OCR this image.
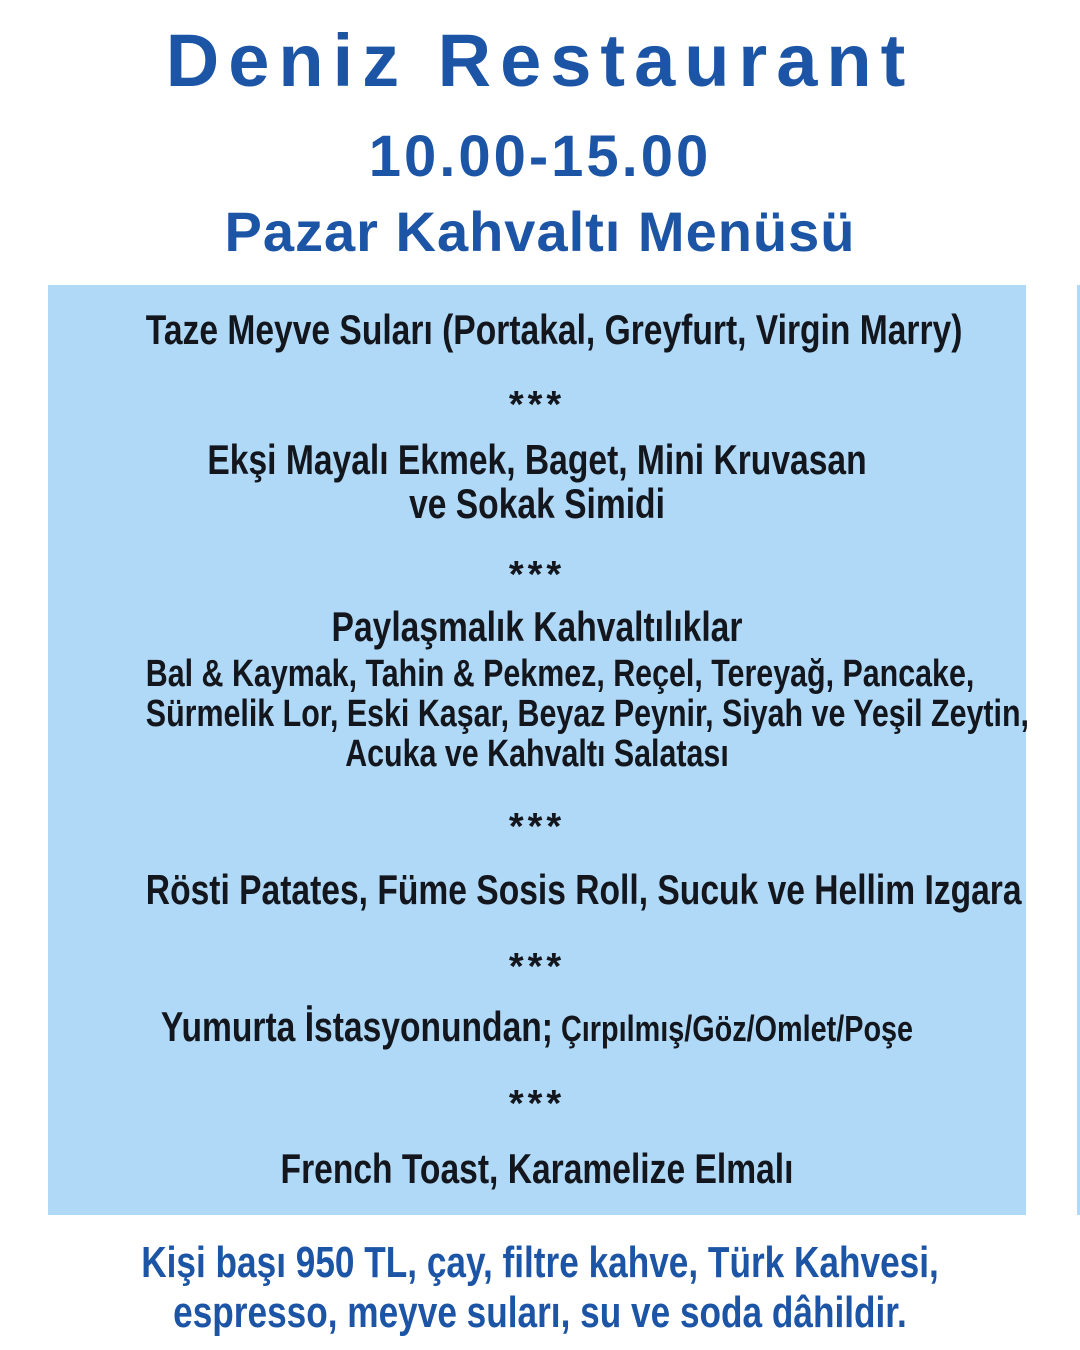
Deniz Restaurant
10.00-15.00
Pazar Kahvaltı Menüsü
Taze Meyve Suları (Portakal, Greyfurt, Virgin Marry)
***
Ekşi Mayalı Ekmek, Baget, Mini Kruvasan
ve Sokak Simidi
***
Paylaşmalık Kahvaltılıklar
Bal & Kaymak, Tahin & Pekmez, Reçel, Tereyağ, Pancake,
Sürmelik Lor, Eski Kaşar, Beyaz Peynir, Siyah ve Yeşil Zeytin,
Acuka ve Kahvaltı Salatası
***
Rösti Patates, Füme Sosis Roll, Sucuk ve Hellim Izgara
***
Yumurta İstasyonundan; Çırpılmış/Göz/Omlet/Poşe
***
French Toast, Karamelize Elmalı
Kişi başı 950 TL, çay, filtre kahve, Türk Kahvesi,
espresso, meyve suları, su ve soda dâhildir.
